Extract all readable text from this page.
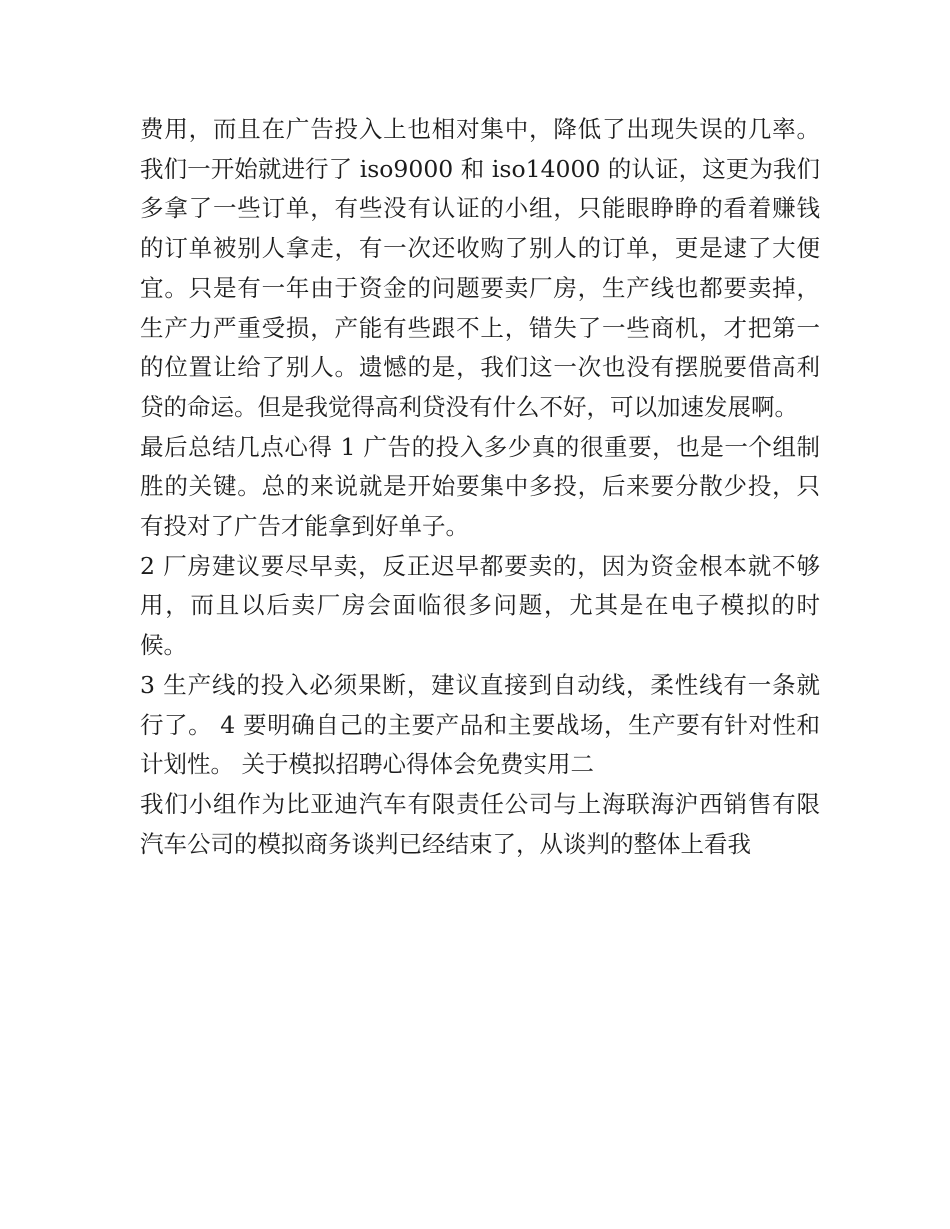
费用，而且在广告投入上也相对集中，降低了出现失误的几率。我们一开始就进行了 iso9000 和 iso14000 的认证，这更为我们多拿了一些订单，有些没有认证的小组，只能眼睁睁的看着赚钱的订单被别人拿走，有一次还收购了别人的订单，更是逮了大便宜。只是有一年由于资金的问题要卖厂房，生产线也都要卖掉，生产力严重受损，产能有些跟不上，错失了一些商机，才把第一的位置让给了别人。遗憾的是，我们这一次也没有摆脱要借高利贷的命运。但是我觉得高利贷没有什么不好，可以加速发展啊。

最后总结几点心得 1 广告的投入多少真的很重要，也是一个组制胜的关键。总的来说就是开始要集中多投，后来要分散少投，只有投对了广告才能拿到好单子。

2 厂房建议要尽早卖，反正迟早都要卖的，因为资金根本就不够用，而且以后卖厂房会面临很多问题，尤其是在电子模拟的时候。

3 生产线的投入必须果断，建议直接到自动线，柔性线有一条就行了。 4 要明确自己的主要产品和主要战场，生产要有针对性和计划性。 关于模拟招聘心得体会免费实用二

我们小组作为比亚迪汽车有限责任公司与上海联海沪西销售有限汽车公司的模拟商务谈判已经结束了，从谈判的整体上看我
